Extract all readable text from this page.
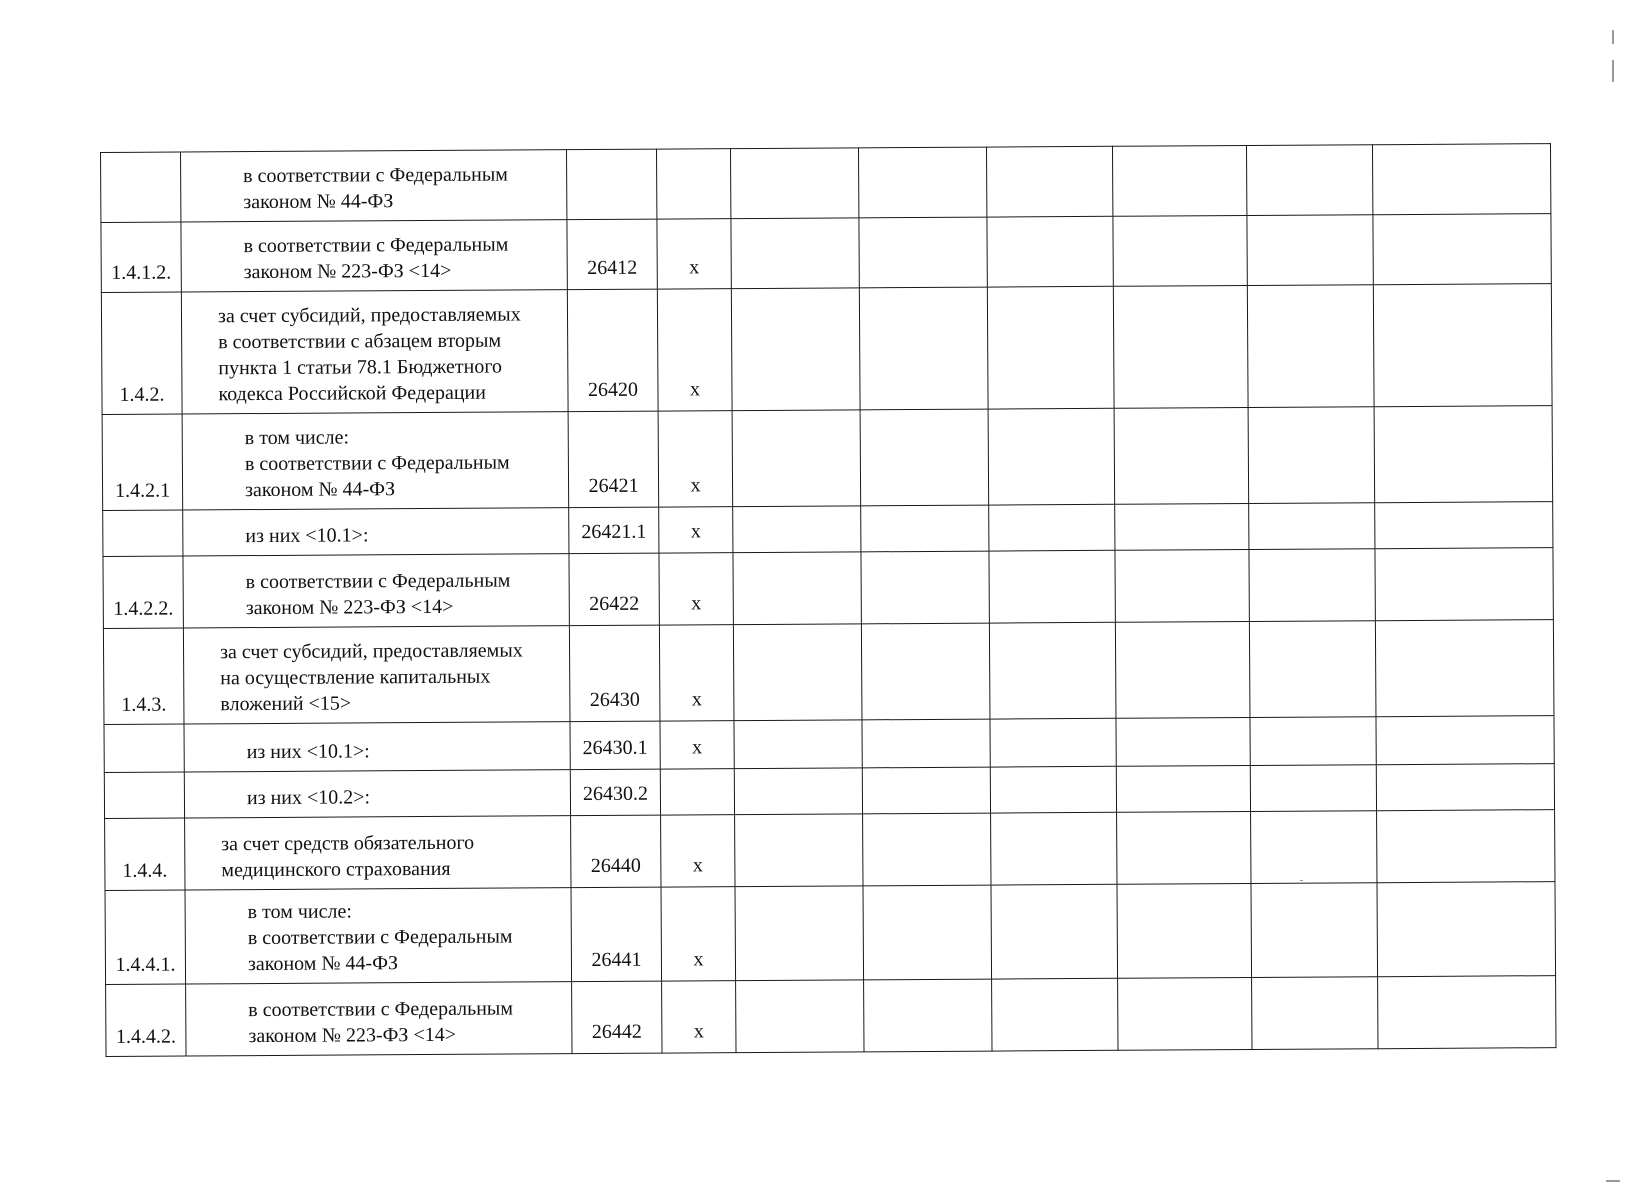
	в соответствии с Федеральным
законом № 44-ФЗ								

1.4.1.2.	в соответствии с Федеральным
законом № 223-ФЗ <14>	26412	x						
1.4.2.	за счет субсидий, предоставляемых
в соответствии с абзацем вторым
пункта 1 статьи 78.1 Бюджетного
кодекса Российской Федерации	26420	x						
1.4.2.1	в том числе:
в соответствии с Федеральным
законом № 44-ФЗ	26421	x						

	из них <10.1>:	26421.1	x						
1.4.2.2.	в соответствии с Федеральным
законом № 223-ФЗ <14>	26422	x						
1.4.3.	за счет субсидий, предоставляемых
на осуществление капитальных
вложений <15>	26430	x						

	из них <10.1>:	26430.1	x						

	из них <10.2>:	26430.2							
1.4.4.	за счет средств обязательного
медицинского страхования	26440	x						
1.4.4.1.	в том числе:
в соответствии с Федеральным
законом № 44-ФЗ	26441	x						
1.4.4.2.	в соответствии с Федеральным
законом № 223-ФЗ <14>	26442	x						
